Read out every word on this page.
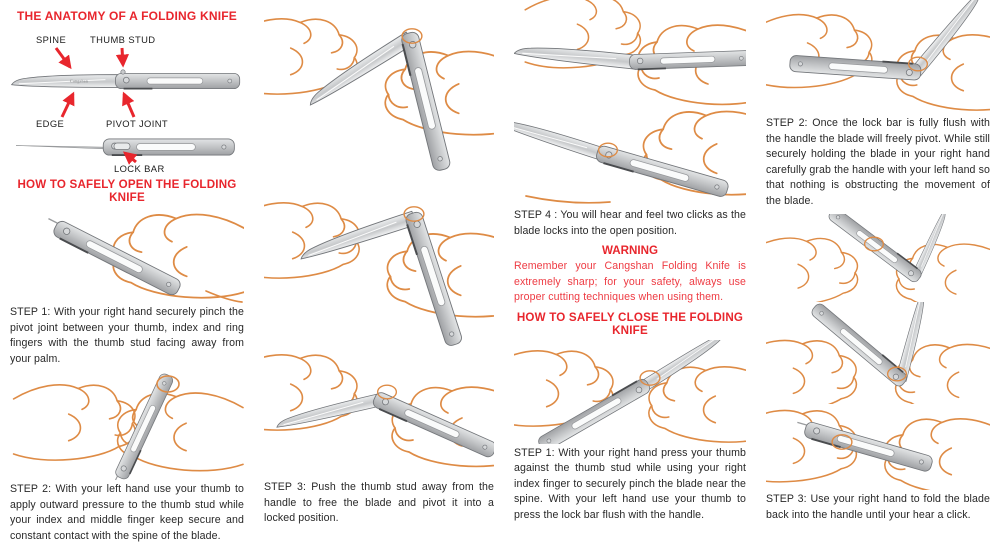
THE ANATOMY OF A FOLDING KNIFE
Cangshan
SPINE	THUMB STUD
EDGE	PIVOT JOINT
LOCK BAR
HOW TO SAFELY OPEN THE FOLDING KNIFE

STEP 1: With your right hand securely pinch the pivot joint between your thumb, index and ring fingers with the thumb stud facing away from your palm.

STEP 2: With your left hand use your thumb to apply outward pressure to the thumb stud while your index and middle finger keep secure and constant contact with the spine of the blade.

STEP 3: Push the thumb stud away from the handle to free the blade and pivot it into a locked position.

STEP 4 : You will hear and feel two clicks as the blade locks into the open position.

WARNING

Remember your Cangshan Folding Knife is extremely sharp; for your safety, always use proper cutting techniques when using them.

HOW TO SAFELY CLOSE THE FOLDING KNIFE

STEP 1: With your right hand press your thumb against the thumb stud while using your right index finger to securely pinch the blade near the spine. With your left hand use your thumb to press the lock bar flush with the handle.

STEP 2: Once the lock bar is fully flush with the handle the blade will freely pivot. While still securely holding the blade in your right hand carefully grab the handle with your left hand so that nothing is obstructing the movement of the blade.

STEP 3: Use your right hand to fold the blade back into the handle until your hear a click.
